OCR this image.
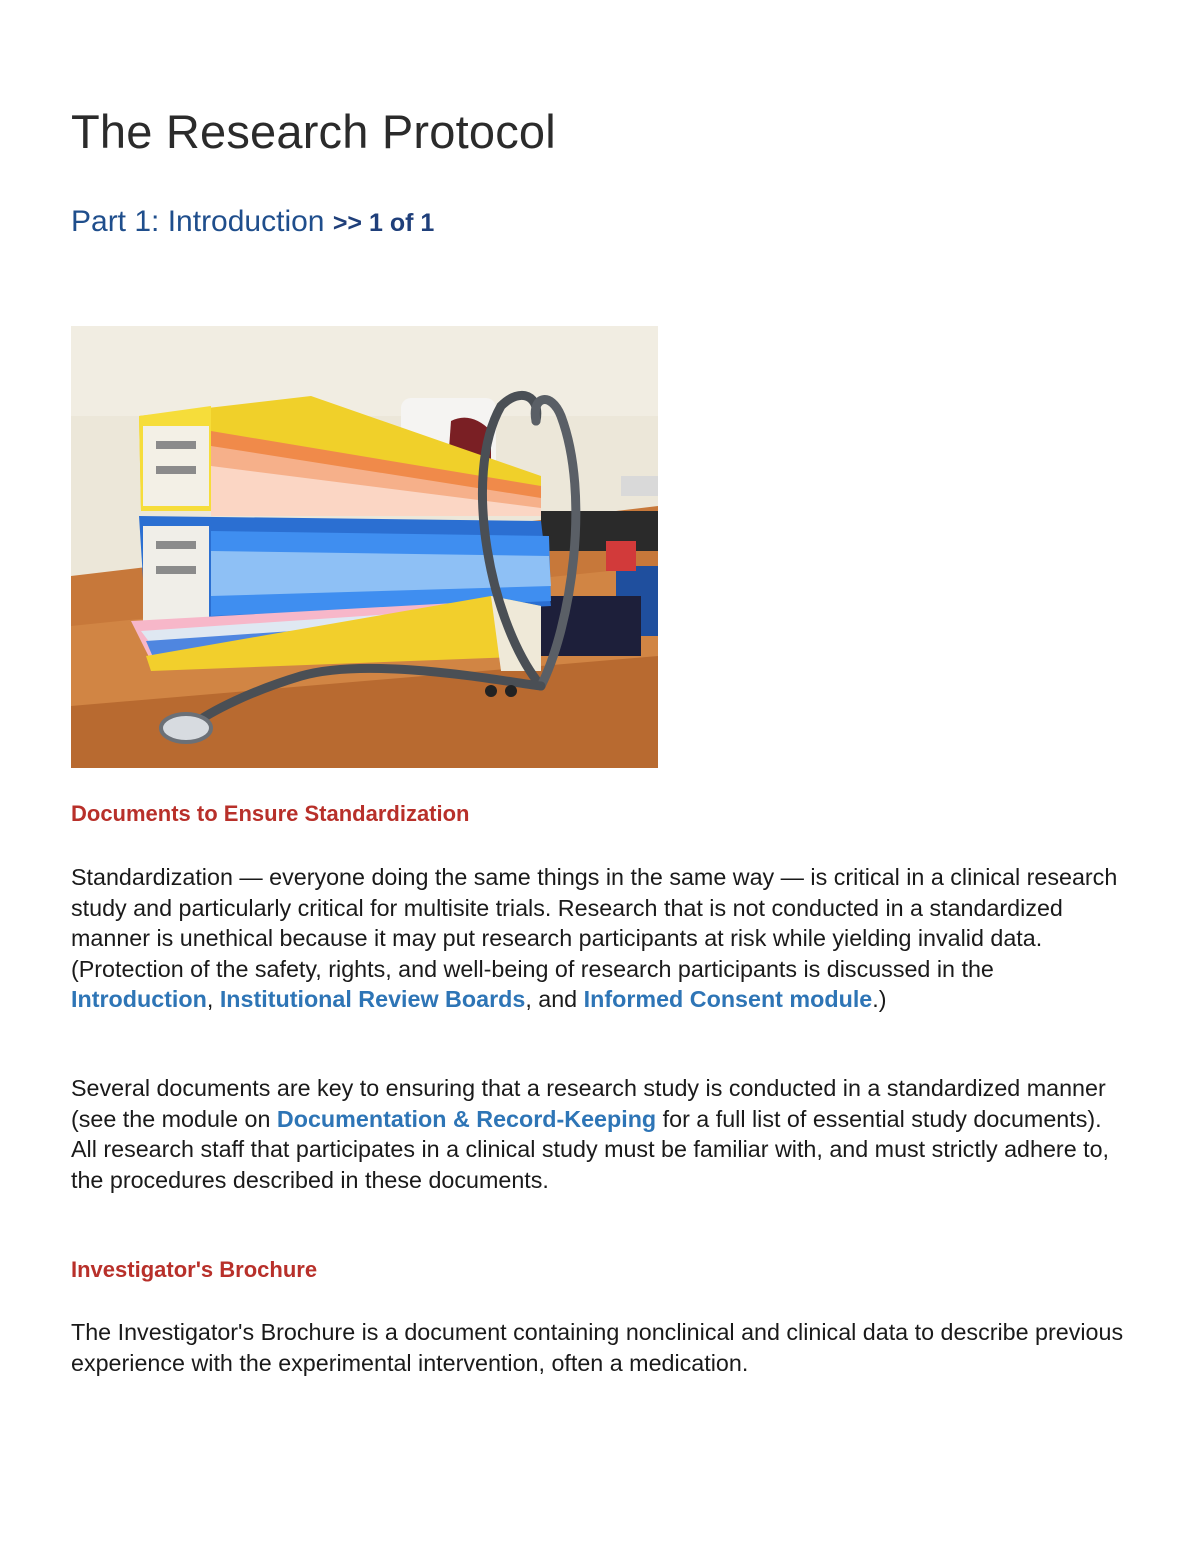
The Research Protocol

Part 1: Introduction >> 1 of 1

Documents to Ensure Standardization

Standardization — everyone doing the same things in the same way — is critical in a clinical research study and particularly critical for multisite trials. Research that is not conducted in a standardized manner is unethical because it may put research participants at risk while yielding invalid data. (Protection of the safety, rights, and well-being of research participants is discussed in the Introduction, Institutional Review Boards, and Informed Consent module.)

Several documents are key to ensuring that a research study is conducted in a standardized manner (see the module on Documentation & Record-Keeping for a full list of essential study documents). All research staff that participates in a clinical study must be familiar with, and must strictly adhere to, the procedures described in these documents.

Investigator's Brochure

The Investigator's Brochure is a document containing nonclinical and clinical data to describe previous experience with the experimental intervention, often a medication.
